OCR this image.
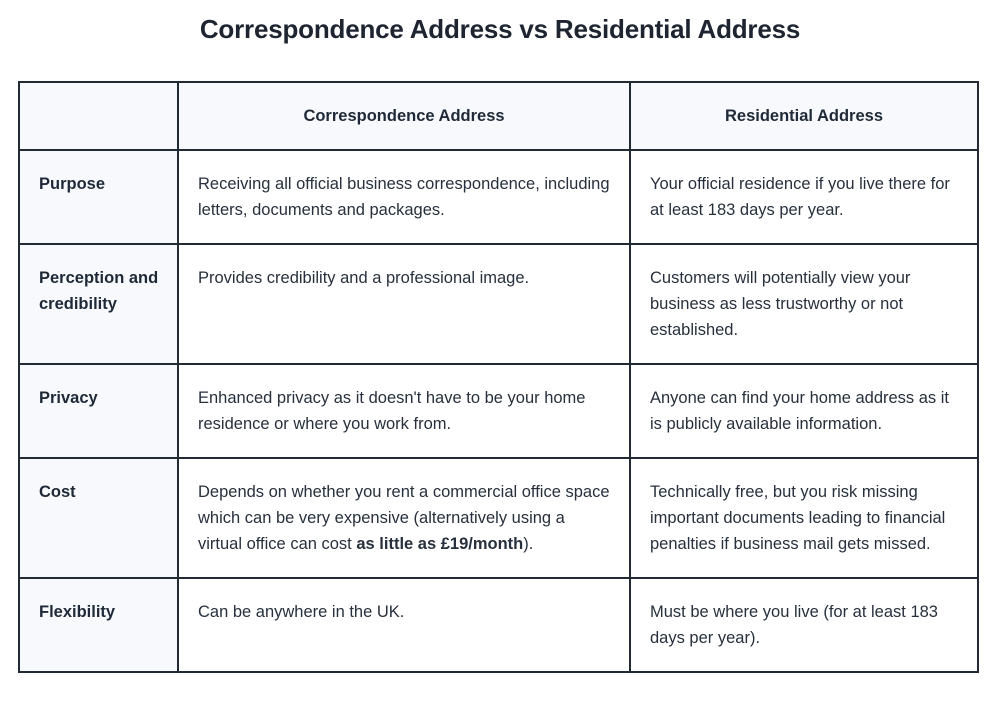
Correspondence Address vs Residential Address
	Correspondence Address	Residential Address
Purpose	Receiving all official business correspondence, including letters, documents and packages.	Your official residence if you live there for at least 183 days per year.
Perception and credibility	Provides credibility and a professional image.	Customers will potentially view your business as less trustworthy or not established.
Privacy	Enhanced privacy as it doesn't have to be your home residence or where you work from.	Anyone can find your home address as it is publicly available information.
Cost	Depends on whether you rent a commercial office space which can be very expensive (alternatively using a virtual office can cost as little as £19/month).	Technically free, but you risk missing important documents leading to financial penalties if business mail gets missed.
Flexibility	Can be anywhere in the UK.	Must be where you live (for at least 183 days per year).
